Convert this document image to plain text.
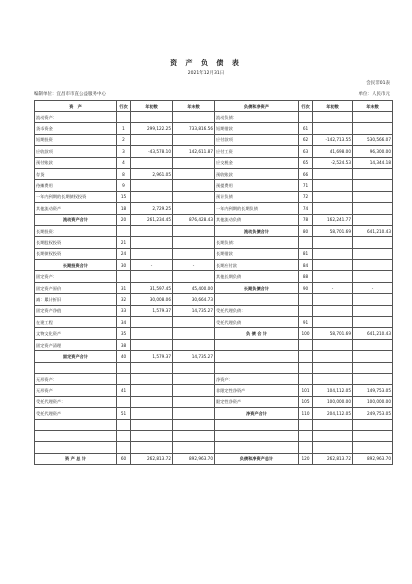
资 产 负 债 表
2021年12月31日
会民非01表
编制单位：宜昌市市直公益服务中心	单位：人民币元
资　产	行次	年初数	年末数	负债和净资产	行次	年初数	年末数
流动资产：				流动负债：			
货币资金	1	299,122.25	733,816.56	短期借款	61		
短期投资	2			应付款项	62	-142,713.55	530,566.07
应收款项	3	-43,578.10	142,611.87	应付工资	63	41,698.00	96,300.00
预付账款	4			应交税金	65	-2,524.53	14,344.18
存货	8	2,961.05		预收账款	66		
待摊费用	9			预提费用	71		
一年内到期的长期债权投资	15			预计负债	72		
其他流动资产	18	2,729.25		一年内到期的长期负债	74		
流动资产合计	20	261,234.45	876,428.43	其他流动负债	78	162,241.77	
长期投资：				流动负债合计	80	58,701.69	641,210.43
长期股权投资	21			长期负债：			
长期债权投资	24			长期借款	81		
长期投资合计	30	-	-	长期应付款	84		
固定资产：				其他长期负债	88		
固定资产原价	31	31,597.45	45,400.00	长期负债合计	90	-	-
减：累计折旧	32	30,008.06	30,664.73				
固定资产净值	33	1,579.37	14,735.27	受托代理负债：			
在建工程	34			受托代理负债	91		
文物文化资产	35			负 债 合 计	100	58,701.69	641,210.43
固定资产清理	38						
固定资产合计	40	1,579.37	14,735.27				

无形资产：				净资产：			
无形资产	41			非限定性净资产	101	104,112.05	149,753.05
受托代理资产：				限定性净资产	105	100,000.00	100,000.00
受托代理资产	51			净资产合计	110	204,112.05	249,753.05

资 产 总 计	60	262,813.72	892,963.70	负债和净资产总计	120	262,813.72	892,963.70
